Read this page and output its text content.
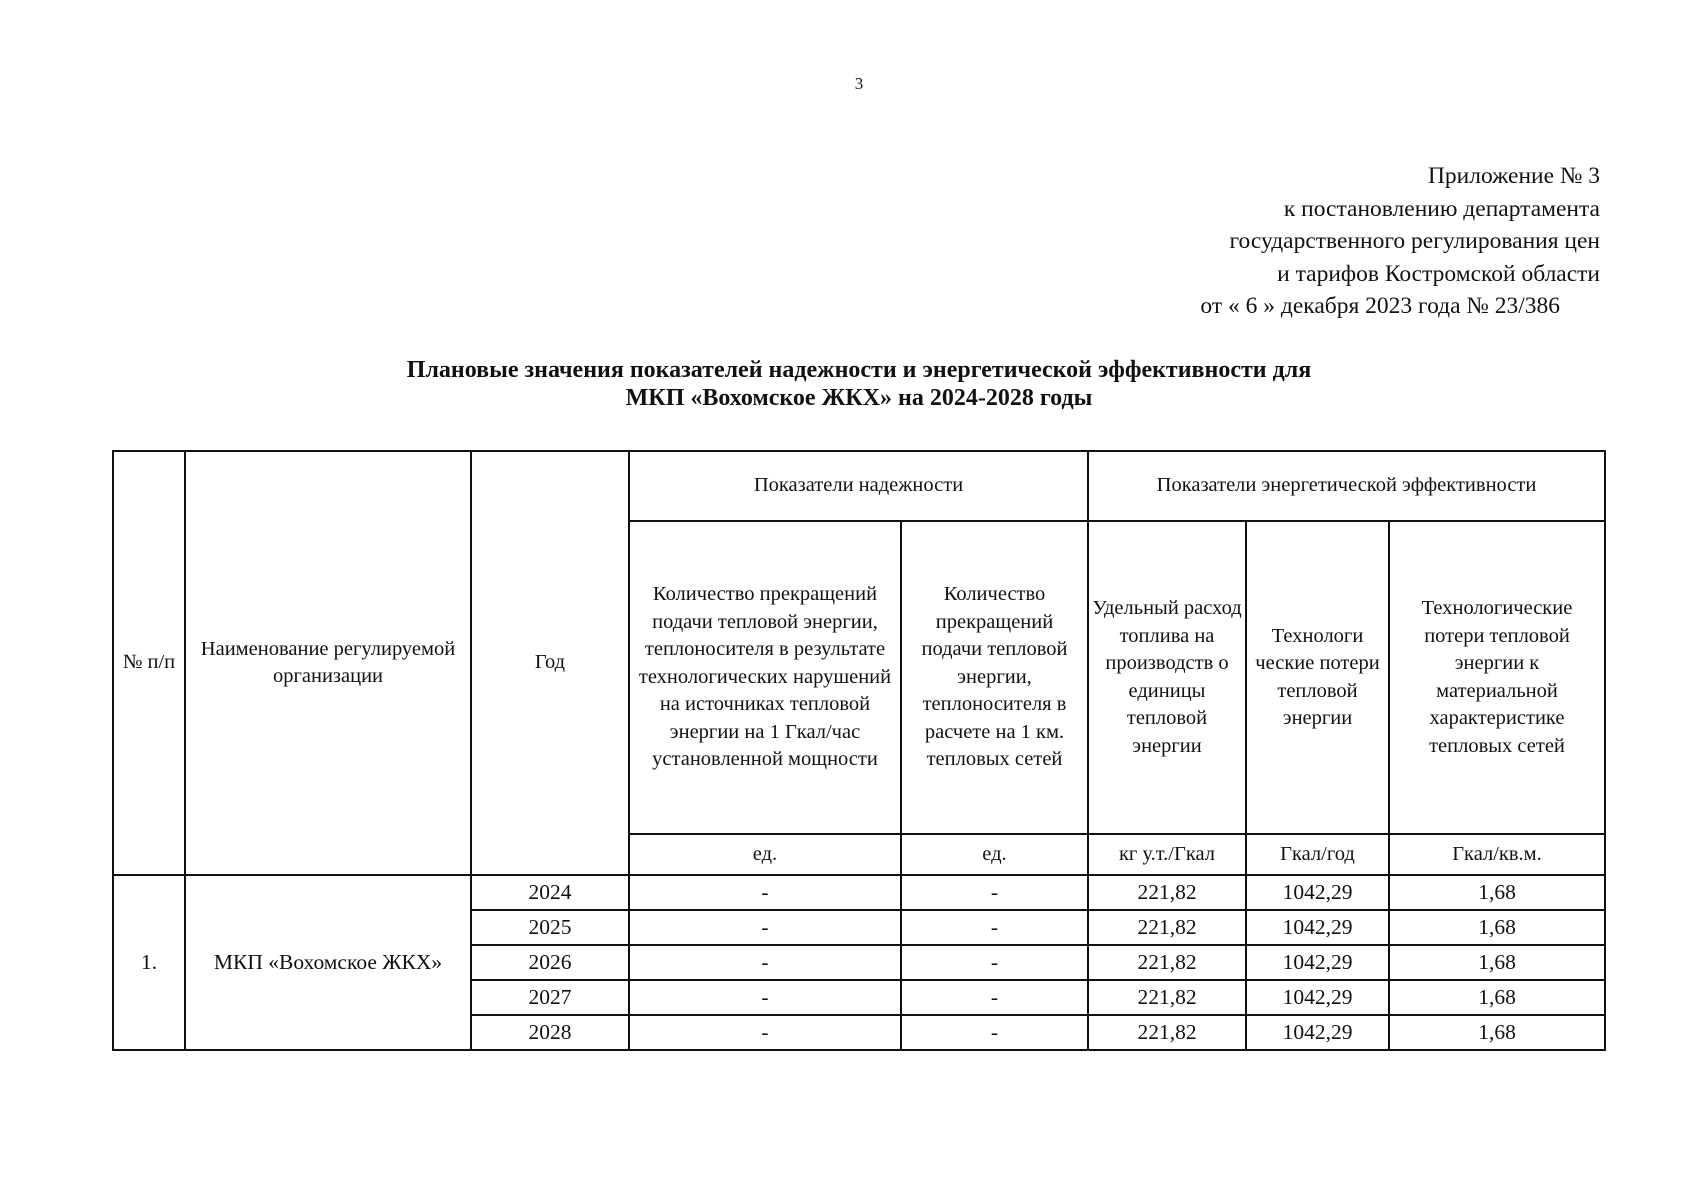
3
Приложение № 3
к постановлению департамента
государственного регулирования цен
и тарифов Костромской области
от « 6 » декабря 2023 года № 23/386
Плановые значения показателей надежности и энергетической эффективности для
МКП «Вохомское ЖКХ» на 2024-2028 годы
№ п/п	Наименование регулируемой организации	Год	Показатели надежности		Показатели энергетической эффективности		
			Количество прекращений подачи тепловой энергии, теплоносителя в результате технологических нарушений на источниках тепловой энергии на 1 Гкал/час установленной мощности	Количество прекращений подачи тепловой энергии, теплоносителя в расчете на 1 км. тепловых сетей	Удельный расход топлива на производств о единицы тепловой энергии	Технологи ческие потери тепловой энергии	Технологические потери тепловой энергии к материальной характеристике тепловых сетей
			ед.	ед.	кг у.т./Гкал	Гкал/год	Гкал/кв.м.
1.	МКП «Вохомское ЖКХ»	2024	-	-	221,82	1042,29	1,68
		2025	-	-	221,82	1042,29	1,68
		2026	-	-	221,82	1042,29	1,68
		2027	-	-	221,82	1042,29	1,68
		2028	-	-	221,82	1042,29	1,68
